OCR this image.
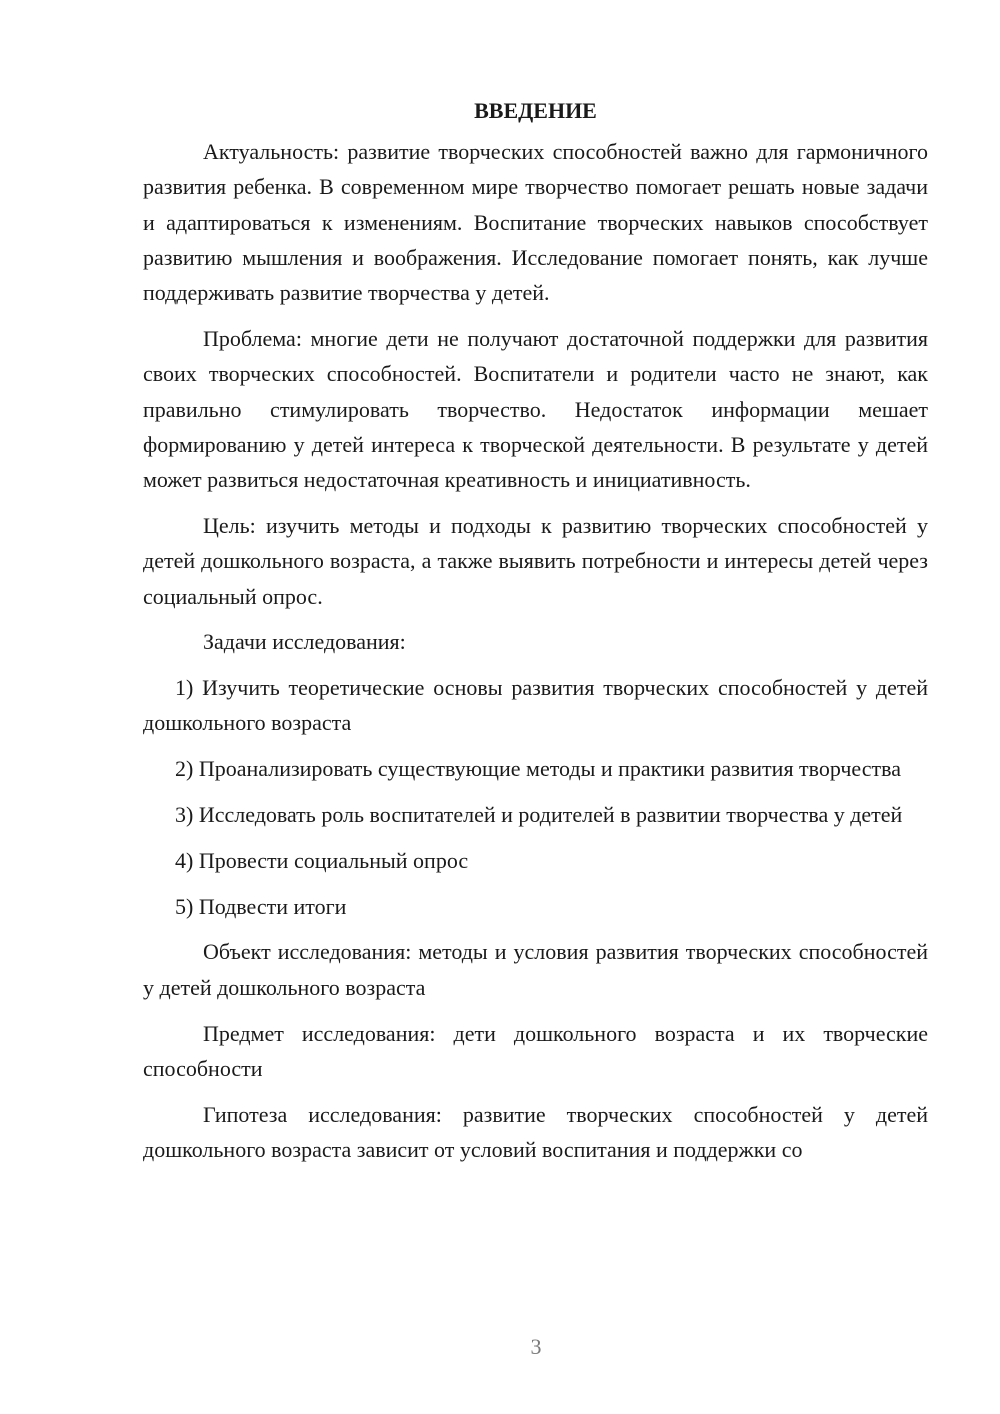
ВВЕДЕНИЕ

Актуальность: развитие творческих способностей важно для гармоничного развития ребенка. В современном мире творчество помогает решать новые задачи и адаптироваться к изменениям. Воспитание творческих навыков способствует развитию мышления и воображения. Исследование помогает понять, как лучше поддерживать развитие творчества у детей.

Проблема: многие дети не получают достаточной поддержки для развития своих творческих способностей. Воспитатели и родители часто не знают, как правильно стимулировать творчество. Недостаток информации мешает формированию у детей интереса к творческой деятельности. В результате у детей может развиться недостаточная креативность и инициативность.

Цель: изучить методы и подходы к развитию творческих способностей у детей дошкольного возраста, а также выявить потребности и интересы детей через социальный опрос.

Задачи исследования:

1) Изучить теоретические основы развития творческих способностей у детей дошкольного возраста

2) Проанализировать существующие методы и практики развития творчества

3) Исследовать роль воспитателей и родителей в развитии творчества у детей

4) Провести социальный опрос

5) Подвести итоги

Объект исследования: методы и условия развития творческих способностей у детей дошкольного возраста

Предмет исследования: дети дошкольного возраста и их творческие способности

Гипотеза исследования: развитие творческих способностей у детей дошкольного возраста зависит от условий воспитания и поддержки со

3
